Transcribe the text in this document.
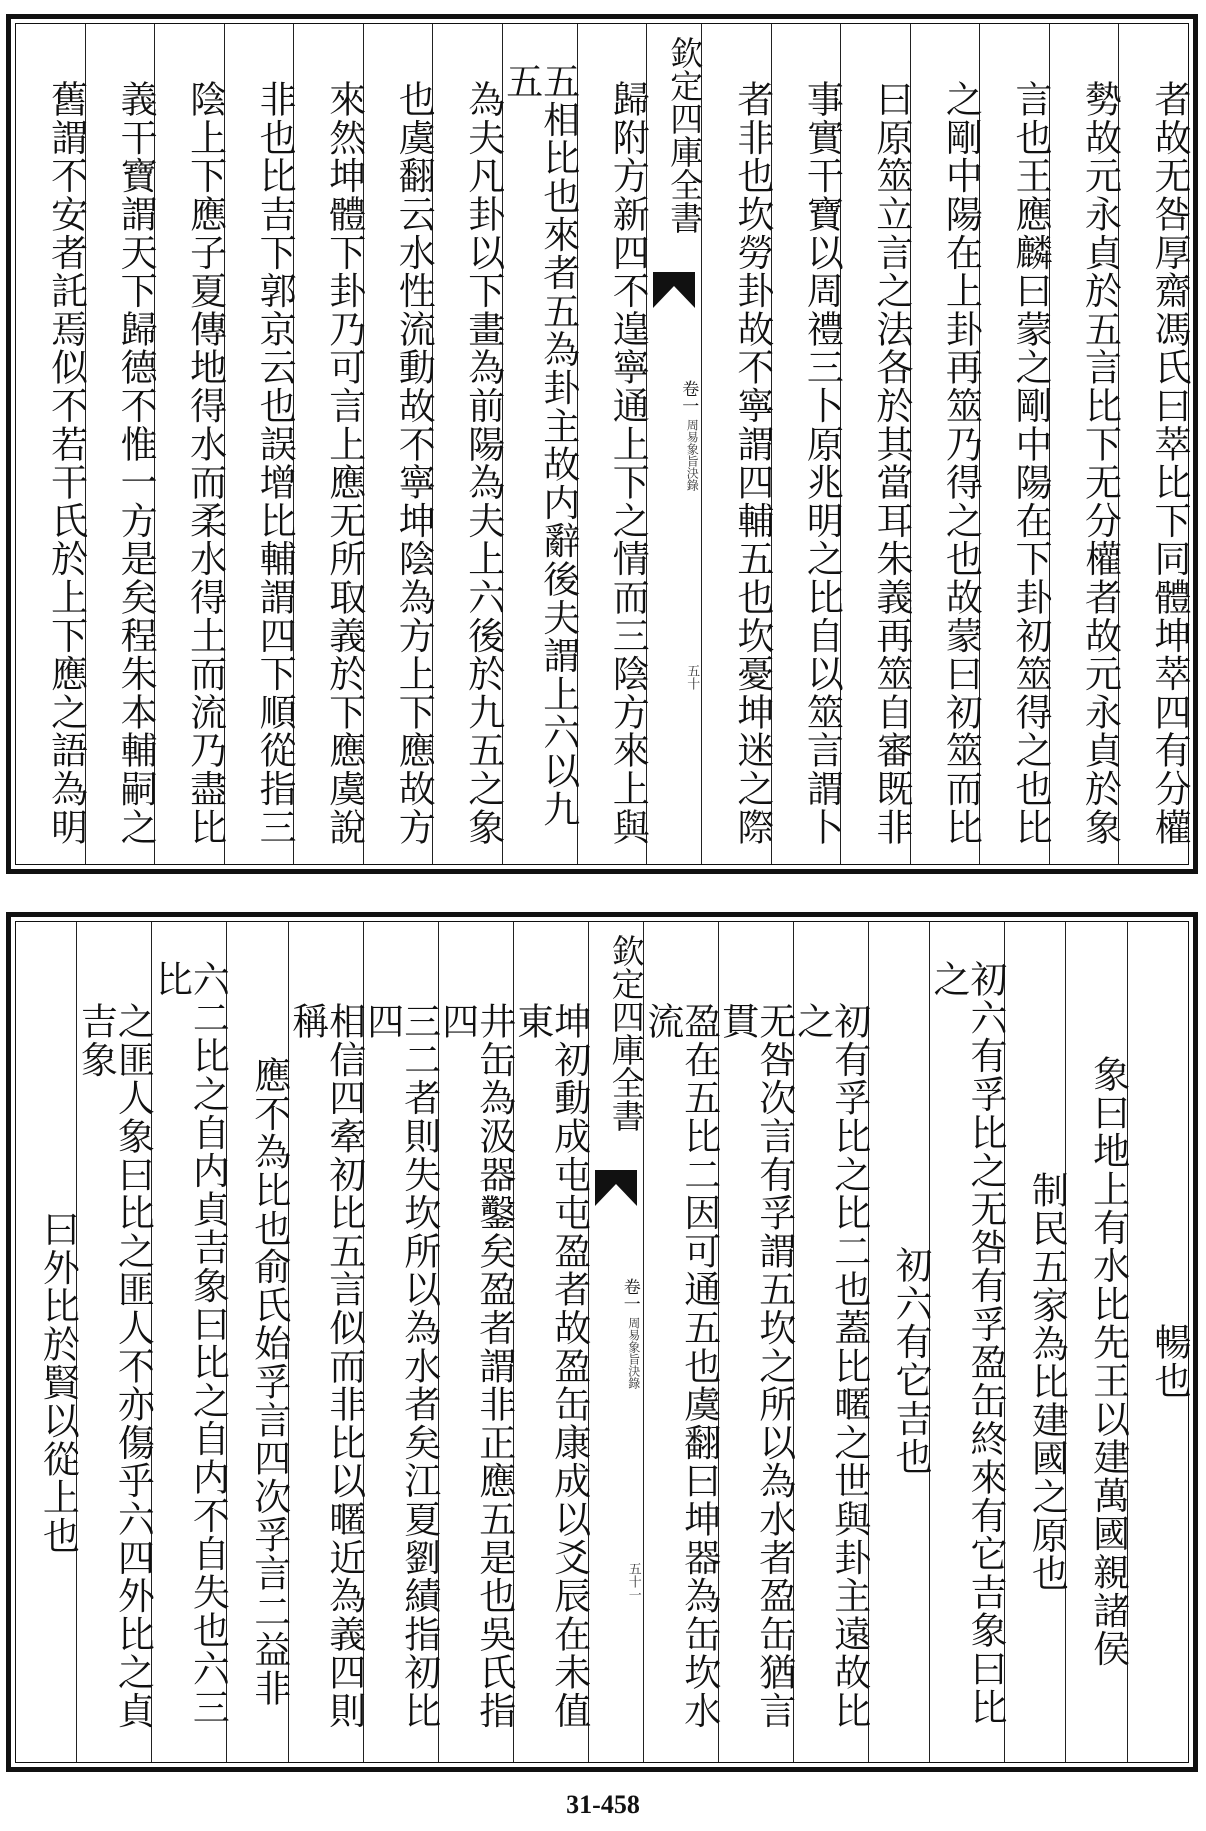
者故无咎厚齋馮氏曰萃比下同體坤萃四有分權
勢故元永貞於五言比下无分權者故元永貞於象
言也王應麟曰蒙之剛中陽在下卦初筮得之也比
之剛中陽在上卦再筮乃得之也故蒙曰初筮而比
曰原筮立言之法各於其當耳朱義再筮自審既非
事實干寶以周禮三卜原兆明之比自以筮言謂卜
者非也坎勞卦故不寧謂四輔五也坎憂坤迷之際
欽定四庫全書
卷一
周易象旨決錄
五十
歸附方新四不遑寧通上下之情而三陰方來上與
五相比也來者五為卦主故内辭後夫謂上六以九五
為夫凡卦以下畫為前陽為夫上六後於九五之象
也虞翻云水性流動故不寧坤陰為方上下應故方
來然坤體下卦乃可言上應无所取義於下應虞說
非也比吉下郭京云也誤增比輔謂四下順從指三
陰上下應子夏傳地得水而柔水得土而流乃盡比
義干寶謂天下歸德不惟一方是矣程朱本輔嗣之
舊謂不安者託焉似不若干氏於上下應之語為明
暢也
象曰地上有水比先王以建萬國親諸侯
制民五家為比建國之原也
初六有孚比之无咎有孚盈缶終來有它吉象曰比之
初六有它吉也
初有孚比之比二也蓋比暱之世與卦主遠故比之
无咎次言有孚謂五坎之所以為水者盈缶猶言貫
盈在五比二因可通五也虞翻曰坤器為缶坎水流
欽定四庫全書
卷一
周易象旨決錄
五十一
坤初動成屯屯盈者故盈缶康成以爻辰在未值東
井缶為汲器鑿矣盈者謂非正應五是也吳氏指四
三二者則失坎所以為水者矣江夏劉績指初比四
相信四牽初比五言似而非比以暱近為義四則稱
應不為比也俞氏始孚言四次孚言二益非
六二比之自内貞吉象曰比之自内不自失也六三比
之匪人象曰比之匪人不亦傷乎六四外比之貞吉象
曰外比於賢以從上也
31-458
